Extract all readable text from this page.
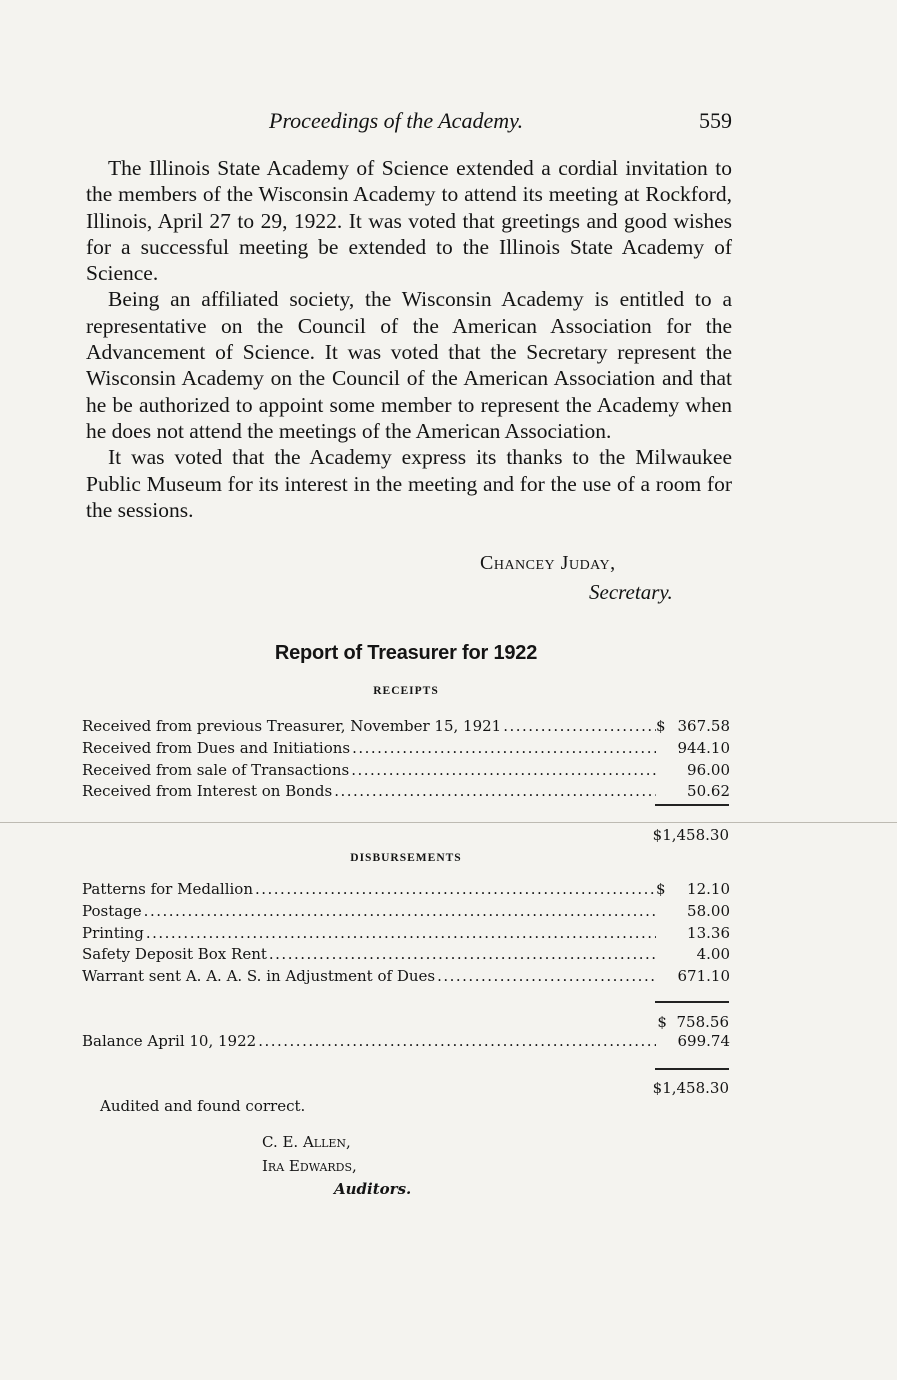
Proceedings of the Academy.	559

The Illinois State Academy of Science extended a cordial invitation to the members of the Wisconsin Academy to attend its meeting at Rockford, Illinois, April 27 to 29, 1922. It was voted that greetings and good wishes for a successful meeting be extended to the Illinois State Academy of Science.

Being an affiliated society, the Wisconsin Academy is entitled to a representative on the Council of the American Association for the Advancement of Science. It was voted that the Secretary represent the Wisconsin Academy on the Council of the American Association and that he be authorized to appoint some member to represent the Academy when he does not attend the meetings of the American Association.

It was voted that the Academy express its thanks to the Milwaukee Public Museum for its interest in the meeting and for the use of a room for the sessions.

Chancey Juday,
Secretary.
Report of Treasurer for 1922
RECEIPTS
Received from previous Treasurer, November 15, 1921 .....	$ 367.58
Received from Dues and Initiations .....	944.10
Received from sale of Transactions .....	96.00
Received from Interest on Bonds .....	50.62
$1,458.30
DISBURSEMENTS
Patterns for Medallion .....	$	12.10
Postage .....	58.00
Printing .....	13.36
Safety Deposit Box Rent .....	4.00
Warrant sent A. A. A. S. in Adjustment of Dues .....	671.10
$  758.56
Balance April 10, 1922 .....	699.74
$1,458.30
Audited and found correct.
C. E. Allen,
Ira Edwards,
Auditors.
